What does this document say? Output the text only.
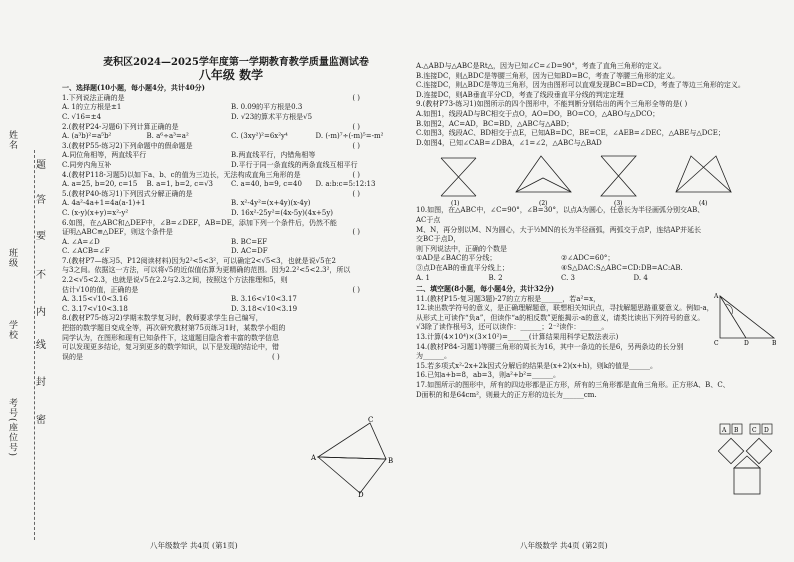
姓名
班级
学校
考号(座位号)
题
答
要
不
内
线
封
密
麦积区2024—2025学年度第一学期教育教学质量监测试卷
八年级 数学
一、选择题(10小题，每小题4分，共计40分)
1.下列说法正确的是	( )
A. 1的立方根是±1	B. 0.09的平方根是0.3
C. √16=±4	D. √23的算术平方根是√5
2.(教材P24-习题6)下列计算正确的是	( )
A. (a³b)²=a⁵b²	B. a⁶÷a³=a²	C. (3xy²)²=6x²y⁴	D. (-m)⁷÷(-m)⁵=-m²
3.(教材P55-练习2)下列命题中的假命题是	( )
A.同位角相等，两直线平行	B.两直线平行，内错角相等
C.同旁内角互补	D.平行于同一条直线的两条直线互相平行
4.(教材P118-习题5)以如下a、b、c的值为三边长，无法构成直角三角形的是	( )
A. a=25, b=20, c=15	B. a=1, b=2, c=√3	C. a=40, b=9, c=40	D. a:b:c=5:12:13
5.(教材P40-练习1)下列因式分解正确的是	( )
A. 4a²-4a+1=4a(a-1)+1	B. x²-4y²=(x+4y)(x-4y)
C. (x-y)(x+y)=x²-y²	D. 16x²-25y²=(4x-5y)(4x+5y)
6.如图，在△ABC和△DEF中，∠B=∠DEF，AB=DE，添加下列一个条件后，仍然不能
证明△ABC≌△DEF，则这个条件是	( )
A. ∠A=∠D	B. BC=EF
C. ∠ACB=∠F	D. AC=DF
7.(教材P7—练习5、P12阅读材料)因为2²<5<3²，可以确定2<√5<3，也就是说√5在2
与3之间。依据这一方法，可以将√5的近似值估算为更精确的范围。因为2.2²<5<2.3²，所以
2.2<√5<2.3，也就是说√5在2.2与2.3之间，按照这个方法推理和5，则
估计√10的值，正确的是	( )
A. 3.15<√10<3.16	B. 3.16<√10<3.17
C. 3.17<√10<3.18	D. 3.18<√10<3.19
8.(教材P75-练习2)学期末数学复习时，教师要求学生自己编写，
把搭的数学题目变成全等，再次研究教材第75页练习1时，某数学小组的
同学认为，在图形和现有已知条件下，这道题目隐含着丰富的数学信息
可以发现更多结论，复习到更多的数学知识，以下是发现的结论中，错
误的是	( )
A	B
C
D
八年级数学 共4页 (第1页)
A.△ABD与△ABC是Rt△，因为已知∠C=∠D=90°，考查了直角三角形的定义。
B.连接DC，则△BDC是等腰三角形，因为已知BD=BC，考查了等腰三角形的定义。
C.连接DC，则△BDC是等边三角形，因为由图形可以直观发现BC=BD=CD，考查了等边三角形的定义。
D.连接DC，则AB垂直平分CD，考查了线段垂直平分线的判定定理
9.(教材P73-练习1)如图所示的四个图形中，不能判断分别给出的两个三角形全等的是( )
A.如图1，线段AD与BC相交于点O，AO=DO，BO=CO，△ABO与△DCO；
B.如图2，AC=AD，BC=BD，△ABC与△ABD；
C.如图3，线段AC、BD相交于点E，已知AB=DC，BE=CE，∠AEB=∠DEC，△ABE与△DCE；
D.如图4，已知∠CAB=∠DBA，∠1=∠2，△ABC与△BAD
(1)	(2)	(3)	(4)
10.如图，在△ABC中，∠C=90°，∠B=30°，以点A为圆心，任意长为半径画弧分别交AB、AC于点
M、N，再分别以M、N为圆心，大于½MN的长为半径画弧，两弧交于点P，连结AP并延长交BC于点D，
则下列说法中，正确的个数是
①AD是∠BAC的平分线；	②∠ADC=60°；
③点D在AB的垂直平分线上；	④S△DAC:S△ABC=CD:DB=AC:AB.
A. 1	B. 2	C. 3	D. 4
二、填空题(8小题，每小题4分，共计32分)
11.(教材P15-复习题3题)-27的立方根是______，若a²=x，
12.读出数学符号的意义，是正确理解题意，联想相关知识点，寻找解题思路重要意义。例如-a，
从形式上可读作“负a”，但读作“a的相反数”更能揭示-a的意义，请类比读出下列符号的意义。
√3除了读作根号3，还可以读作：______；2⁻²读作：______。
13.计算(4×10⁴)×(3×10²)=______(计算结果用科学记数法表示)
14.(教材P84-习题1)等腰三角形的周长为16，其中一条边的长是6，另两条边的长分别
为______。
15.若多项式x²-2x+2k因式分解后的结果是(x+2)(x+h)，则k的值是______。
16.已知a+b=8，ab=3，则a²+b²=______。
17.如图所示的图形中，所有的四边形都是正方形，所有的三角形都是直角三角形。正方形A、B、C、
D面积的和是64cm²，则最大的正方形的边长为______cm.
A
C	D	B
A B C D
八年级数学 共4页 (第2页)
